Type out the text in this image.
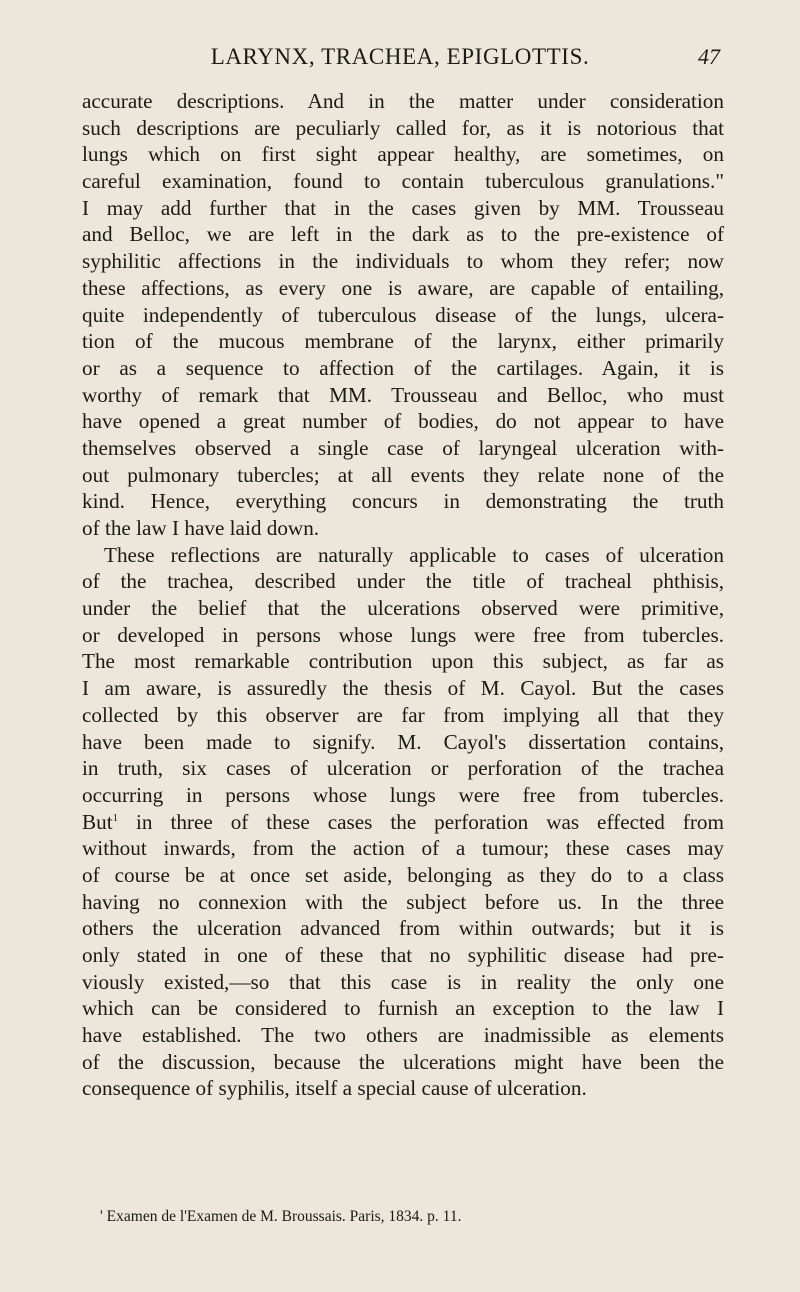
LARYNX, TRACHEA, EPIGLOTTIS.	47
accurate descriptions. And in the matter under consideration
such descriptions are peculiarly called for, as it is notorious that
lungs which on first sight appear healthy, are sometimes, on
careful examination, found to contain tuberculous granulations."
I may add further that in the cases given by MM. Trousseau
and Belloc, we are left in the dark as to the pre-existence of
syphilitic affections in the individuals to whom they refer; now
these affections, as every one is aware, are capable of entailing,
quite independently of tuberculous disease of the lungs, ulcera-
tion of the mucous membrane of the larynx, either primarily
or as a sequence to affection of the cartilages. Again, it is
worthy of remark that MM. Trousseau and Belloc, who must
have opened a great number of bodies, do not appear to have
themselves observed a single case of laryngeal ulceration with-
out pulmonary tubercles; at all events they relate none of the
kind. Hence, everything concurs in demonstrating the truth
of the law I have laid down.
These reflections are naturally applicable to cases of ulceration
of the trachea, described under the title of tracheal phthisis,
under the belief that the ulcerations observed were primitive,
or developed in persons whose lungs were free from tubercles.
The most remarkable contribution upon this subject, as far as
I am aware, is assuredly the thesis of M. Cayol. But the cases
collected by this observer are far from implying all that they
have been made to signify. M. Cayol's dissertation contains,
in truth, six cases of ulceration or perforation of the trachea
occurring in persons whose lungs were free from tubercles.
But$^1$ in three of these cases the perforation was effected from
without inwards, from the action of a tumour; these cases may
of course be at once set aside, belonging as they do to a class
having no connexion with the subject before us. In the three
others the ulceration advanced from within outwards; but it is
only stated in one of these that no syphilitic disease had pre-
viously existed,—so that this case is in reality the only one
which can be considered to furnish an exception to the law I
have established. The two others are inadmissible as elements
of the discussion, because the ulcerations might have been the
consequence of syphilis, itself a special cause of ulceration.
' Examen de l'Examen de M. Broussais. Paris, 1834. p. 11.
